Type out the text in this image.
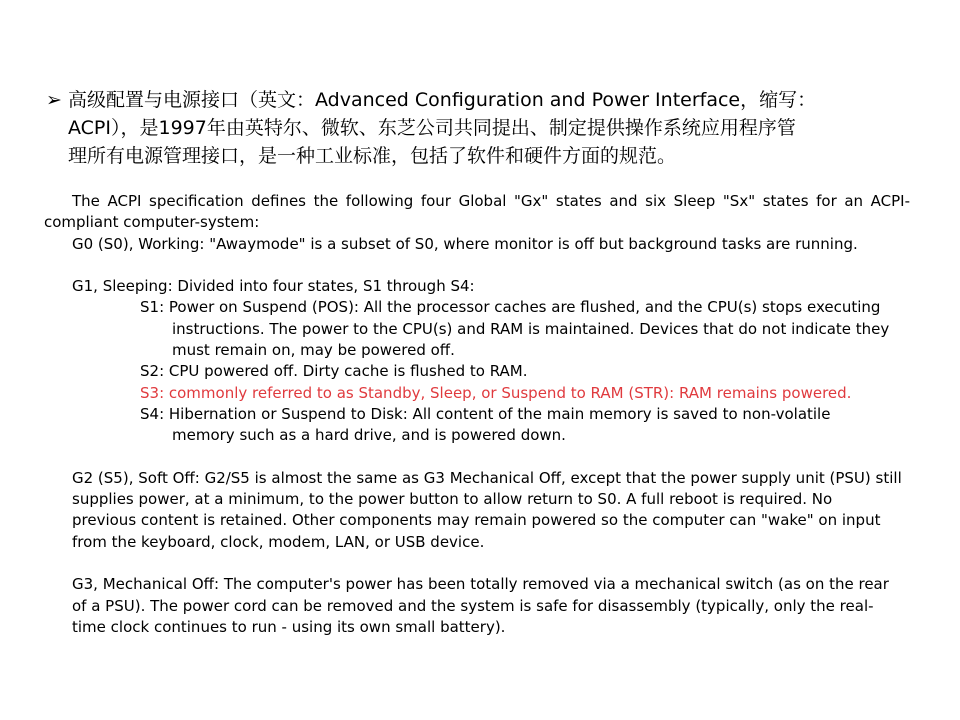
➢ 高级配置与电源接口（英文：Advanced Configuration and Power Interface，缩写：
ACPI），是1997年由英特尔、微软、东芝公司共同提出、制定提供操作系统应用程序管
理所有电源管理接口，是一种工业标准，包括了软件和硬件方面的规范。
The ACPI specification defines the following four Global "Gx" states and six Sleep "Sx" states for an ACPI-
compliant computer-system:
G0 (S0), Working: "Awaymode" is a subset of S0, where monitor is off but background tasks are running.
G1, Sleeping: Divided into four states, S1 through S4:
S1: Power on Suspend (POS): All the processor caches are flushed, and the CPU(s) stops executing
instructions. The power to the CPU(s) and RAM is maintained. Devices that do not indicate they
must remain on, may be powered off.
S2: CPU powered off. Dirty cache is flushed to RAM.
S3: commonly referred to as Standby, Sleep, or Suspend to RAM (STR): RAM remains powered.
S4: Hibernation or Suspend to Disk: All content of the main memory is saved to non-volatile
memory such as a hard drive, and is powered down.
G2 (S5), Soft Off: G2/S5 is almost the same as G3 Mechanical Off, except that the power supply unit (PSU) still
supplies power, at a minimum, to the power button to allow return to S0. A full reboot is required. No
previous content is retained. Other components may remain powered so the computer can "wake" on input
from the keyboard, clock, modem, LAN, or USB device.
G3, Mechanical Off: The computer's power has been totally removed via a mechanical switch (as on the rear
of a PSU). The power cord can be removed and the system is safe for disassembly (typically, only the real-
time clock continues to run - using its own small battery).
